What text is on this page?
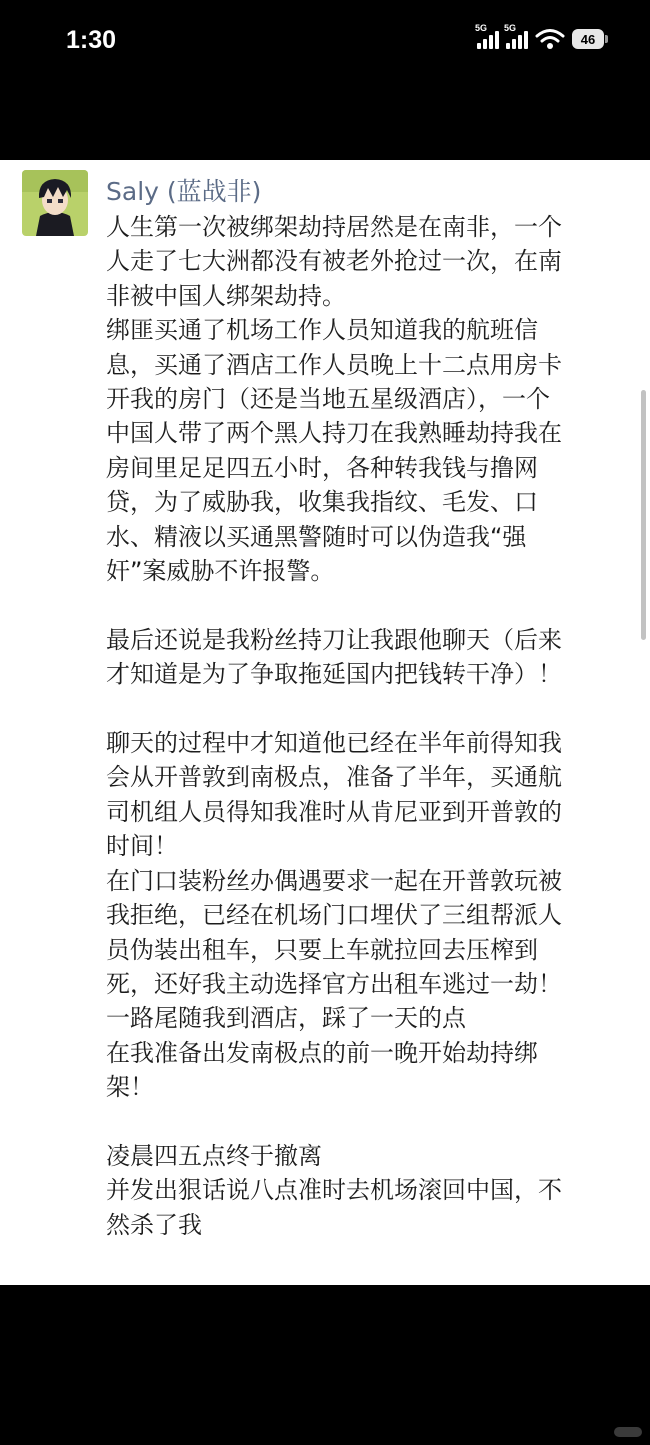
1:30	5G 5G
46
Saly (蓝战非)
人生第一次被绑架劫持居然是在南非，一个
人走了七大洲都没有被老外抢过一次，在南
非被中国人绑架劫持。
绑匪买通了机场工作人员知道我的航班信
息，买通了酒店工作人员晚上十二点用房卡
开我的房门（还是当地五星级酒店），一个
中国人带了两个黑人持刀在我熟睡劫持我在
房间里足足四五小时，各种转我钱与撸网
贷，为了威胁我，收集我指纹、毛发、口
水、精液以买通黑警随时可以伪造我“强
奸”案威胁不许报警。
最后还说是我粉丝持刀让我跟他聊天（后来
才知道是为了争取拖延国内把钱转干净）！
聊天的过程中才知道他已经在半年前得知我
会从开普敦到南极点，准备了半年，买通航
司机组人员得知我准时从肯尼亚到开普敦的
时间！
在门口装粉丝办偶遇要求一起在开普敦玩被
我拒绝，已经在机场门口埋伏了三组帮派人
员伪装出租车，只要上车就拉回去压榨到
死，还好我主动选择官方出租车逃过一劫！
一路尾随我到酒店，踩了一天的点
在我准备出发南极点的前一晚开始劫持绑
架！
凌晨四五点终于撤离
并发出狠话说八点准时去机场滚回中国，不
然杀了我
